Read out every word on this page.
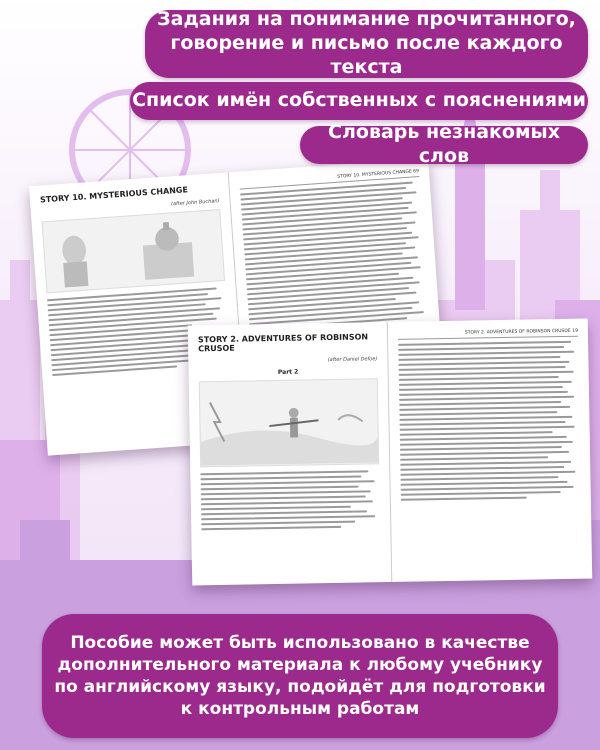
Задания на понимание прочитанного,
говорение и письмо после каждого текста
Список имён собственных с пояснениями
Словарь незнакомых слов
STORY 10. MYSTERIOUS CHANGE
(after John Buchan)
STORY 10. MYSTERIOUS CHANGE 69
STORY 2. ADVENTURES OF ROBINSON CRUSOE
(after Daniel Defoe)
Part 2
STORY 2. ADVENTURES OF ROBINSON CRUSOE 19
Пособие может быть использовано в качестве
дополнительного материала к любому учебнику
по английскому языку, подойдёт для подготовки
к контрольным работам
